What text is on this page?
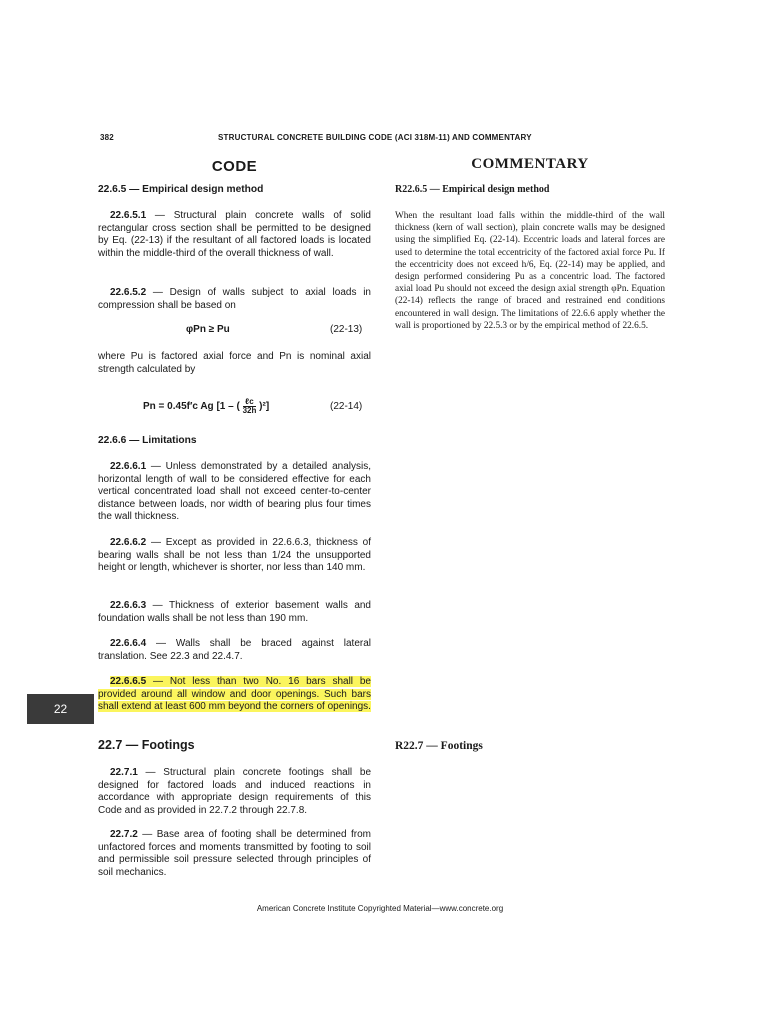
382	STRUCTURAL CONCRETE BUILDING CODE (ACI 318M-11) AND COMMENTARY
CODE	COMMENTARY
22.6.5 — Empirical design method

22.6.5.1 — Structural plain concrete walls of solid rectangular cross section shall be permitted to be designed by Eq. (22-13) if the resultant of all factored loads is located within the middle-third of the overall thickness of wall.

22.6.5.2 — Design of walls subject to axial loads in compression shall be based on

φPn ≥ Pu	(22-13)

where Pu is factored axial force and Pn is nominal axial strength calculated by

Pn = 0.45f′c Ag [1 – ( $\frac{\text{ℓc}}{32h} )^2$]	(22-14)
22.6.6 — Limitations

22.6.6.1 — Unless demonstrated by a detailed analysis, horizontal length of wall to be considered effective for each vertical concentrated load shall not exceed center-to-center distance between loads, nor width of bearing plus four times the wall thickness.

22.6.6.2 — Except as provided in 22.6.6.3, thickness of bearing walls shall be not less than 1/24 the unsupported height or length, whichever is shorter, nor less than 140 mm.

22.6.6.3 — Thickness of exterior basement walls and foundation walls shall be not less than 190 mm.

22.6.6.4 — Walls shall be braced against lateral translation. See 22.3 and 22.4.7.

22.6.6.5 — Not less than two No. 16 bars shall be provided around all window and door openings. Such bars shall extend at least 600 mm beyond the corners of openings.

22.7 — Footings

22.7.1 — Structural plain concrete footings shall be designed for factored loads and induced reactions in accordance with appropriate design requirements of this Code and as provided in 22.7.2 through 22.7.8.

22.7.2 — Base area of footing shall be determined from unfactored forces and moments transmitted by footing to soil and permissible soil pressure selected through principles of soil mechanics.

R22.6.5 — Empirical design method

When the resultant load falls within the middle-third of the wall thickness (kern of wall section), plain concrete walls may be designed using the simplified Eq. (22-14). Eccentric loads and lateral forces are used to determine the total eccentricity of the factored axial force Pu. If the eccentricity does not exceed h/6, Eq. (22-14) may be applied, and design performed considering Pu as a concentric load. The factored axial load Pu should not exceed the design axial strength φPn. Equation (22-14) reflects the range of braced and restrained end conditions encountered in wall design. The limitations of 22.6.6 apply whether the wall is proportioned by 22.5.3 or by the empirical method of 22.6.5.

R22.7 — Footings
22
American Concrete Institute Copyrighted Material—www.concrete.org
